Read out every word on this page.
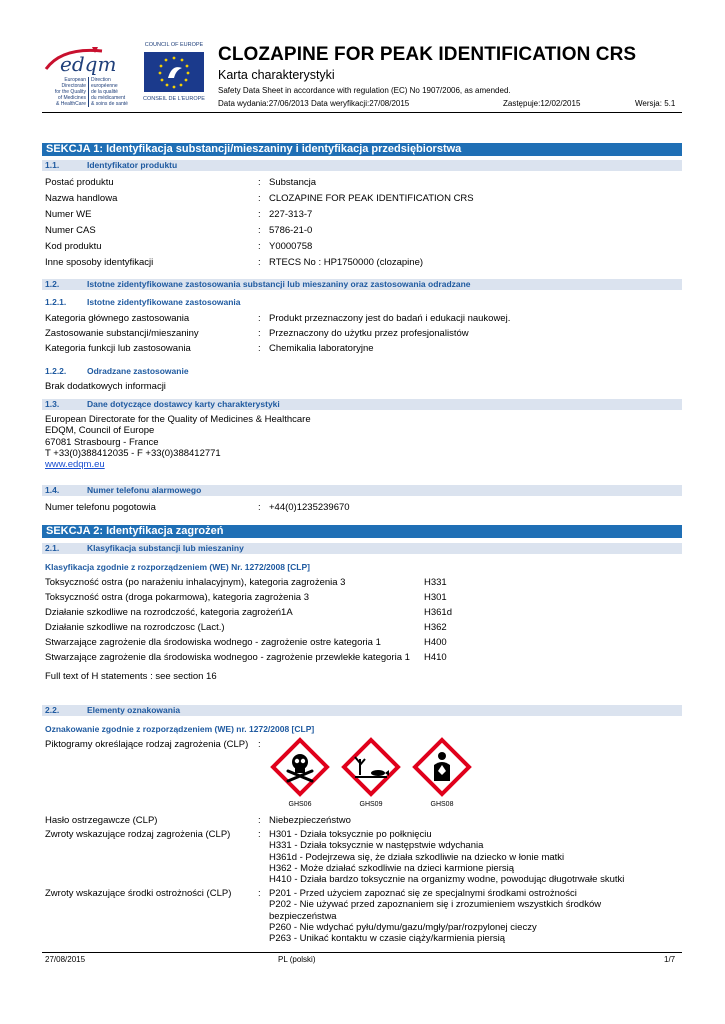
edqm
European Directorate
for the Quality
of Medicines
& HealthCare
Direction européenne
de la qualité
du médicament
& soins de santé
COUNCIL OF EUROPE
CONSEIL DE L'EUROPE
CLOZAPINE FOR PEAK IDENTIFICATION CRS
Karta charakterystyki
Safety Data Sheet in accordance with regulation (EC) No 1907/2006, as amended.
Data wydania:27/06/2013 Data weryfikacji:27/08/2015	Zastępuje:12/02/2015	Wersja: 5.1
SEKCJA 1: Identyfikacja substancji/mieszaniny i identyfikacja przedsiębiorstwa
1.1.	Identyfikator produktu
Postać produktu	: Substancja
Nazwa handlowa	: CLOZAPINE FOR PEAK IDENTIFICATION CRS
Numer WE	: 227-313-7
Numer CAS	: 5786-21-0
Kod produktu	: Y0000758
Inne sposoby identyfikacji	: RTECS No : HP1750000 (clozapine)
1.2.	Istotne zidentyfikowane zastosowania substancji lub mieszaniny oraz zastosowania odradzane
1.2.1. Istotne zidentyfikowane zastosowania
Kategoria głównego zastosowania	: Produkt przeznaczony jest do badań i edukacji naukowej.
Zastosowanie substancji/mieszaniny	: Przeznaczony do użytku przez profesjonalistów
Kategoria funkcji lub zastosowania	: Chemikalia laboratoryjne
1.2.2. Odradzane zastosowanie
Brak dodatkowych informacji
1.3.	Dane dotyczące dostawcy karty charakterystyki
European Directorate for the Quality of Medicines & Healthcare
EDQM, Council of Europe
67081 Strasbourg - France
T +33(0)388412035 - F +33(0)388412771
www.edqm.eu
1.4.	Numer telefonu alarmowego
Numer telefonu pogotowia	: +44(0)1235239670
SEKCJA 2: Identyfikacja zagrożeń
2.1.	Klasyfikacja substancji lub mieszaniny
Klasyfikacja zgodnie z rozporządzeniem (WE) Nr. 1272/2008 [CLP]
Toksyczność ostra (po narażeniu inhalacyjnym), kategoria zagrożenia 3	H331
Toksyczność ostra (droga pokarmowa), kategoria zagrożenia 3	H301
Działanie szkodliwe na rozrodczość, kategoria zagrożeń1A	H361d
Działanie szkodliwe na rozrodczosc (Lact.)	H362
Stwarzające zagrożenie dla środowiska wodnego - zagrożenie ostre kategoria 1	H400
Stwarzające zagrożenie dla środowiska wodnegoo - zagrożenie przewlekłe kategoria 1 H410
Full text of H statements : see section 16
2.2.	Elementy oznakowania
Oznakowanie zgodnie z rozporządzeniem (WE) nr. 1272/2008 [CLP]
Piktogramy określające rodzaj zagrożenia (CLP) :
GHS06	GHS09	GHS08
Hasło ostrzegawcze (CLP)	: Niebezpieczeństwo
Zwroty wskazujące rodzaj zagrożenia (CLP)	: H301 - Działa toksycznie po połknięciu
H331 - Działa toksycznie w następstwie wdychania
H361d - Podejrzewa się, że działa szkodliwie na dziecko w łonie matki
H362 - Może działać szkodliwie na dzieci karmione piersią
H410 - Działa bardzo toksycznie na organizmy wodne, powodując długotrwałe skutki
Zwroty wskazujące środki ostrożności (CLP)	: P201 - Przed użyciem zapoznać się ze specjalnymi środkami ostrożności
P202 - Nie używać przed zapoznaniem się i zrozumieniem wszystkich środków
bezpieczeństwa
P260 - Nie wdychać pyłu/dymu/gazu/mgły/par/rozpylonej cieczy
P263 - Unikać kontaktu w czasie ciąży/karmienia piersią
27/08/2015	PL (polski)	1/7
